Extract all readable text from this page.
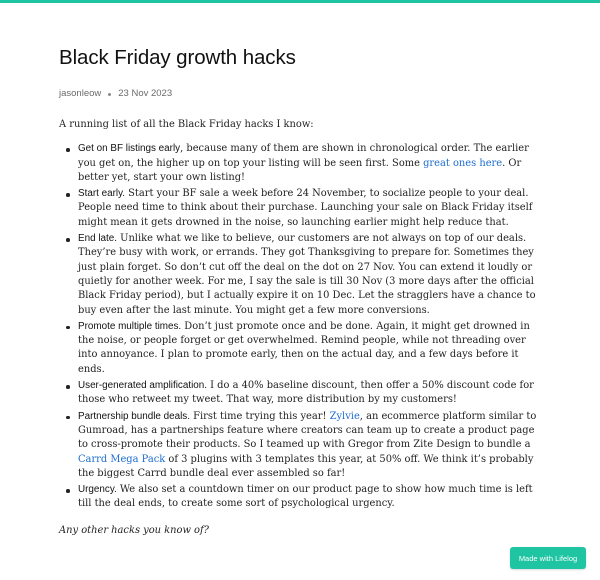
Black Friday growth hacks
jasonleow 23 Nov 2023

A running list of all the Black Friday hacks I know:

Get on BF listings early, because many of them are shown in chronological order. The earlier you get on, the higher up on top your listing will be seen first. Some great ones here. Or better yet, start your own listing!
Start early. Start your BF sale a week before 24 November, to socialize people to your deal. People need time to think about their purchase. Launching your sale on Black Friday itself might mean it gets drowned in the noise, so launching earlier might help reduce that.
End late. Unlike what we like to believe, our customers are not always on top of our deals. They’re busy with work, or errands. They got Thanksgiving to prepare for. Sometimes they just plain forget. So don’t cut off the deal on the dot on 27 Nov. You can extend it loudly or quietly for another week. For me, I say the sale is till 30 Nov (3 more days after the official Black Friday period), but I actually expire it on 10 Dec. Let the stragglers have a chance to buy even after the last minute. You might get a few more conversions.
Promote multiple times. Don’t just promote once and be done. Again, it might get drowned in the noise, or people forget or get overwhelmed. Remind people, while not threading over into annoyance. I plan to promote early, then on the actual day, and a few days before it ends.
User-generated amplification. I do a 40% baseline discount, then offer a 50% discount code for those who retweet my tweet. That way, more distribution by my customers!
Partnership bundle deals. First time trying this year! Zylvie, an ecommerce platform similar to Gumroad, has a partnerships feature where creators can team up to create a product page to cross-promote their products. So I teamed up with Gregor from Zite Design to bundle a Carrd Mega Pack of 3 plugins with 3 templates this year, at 50% off. We think it’s probably the biggest Carrd bundle deal ever assembled so far!
Urgency. We also set a countdown timer on our product page to show how much time is left till the deal ends, to create some sort of psychological urgency.

Any other hacks you know of?

Made with Lifelog
